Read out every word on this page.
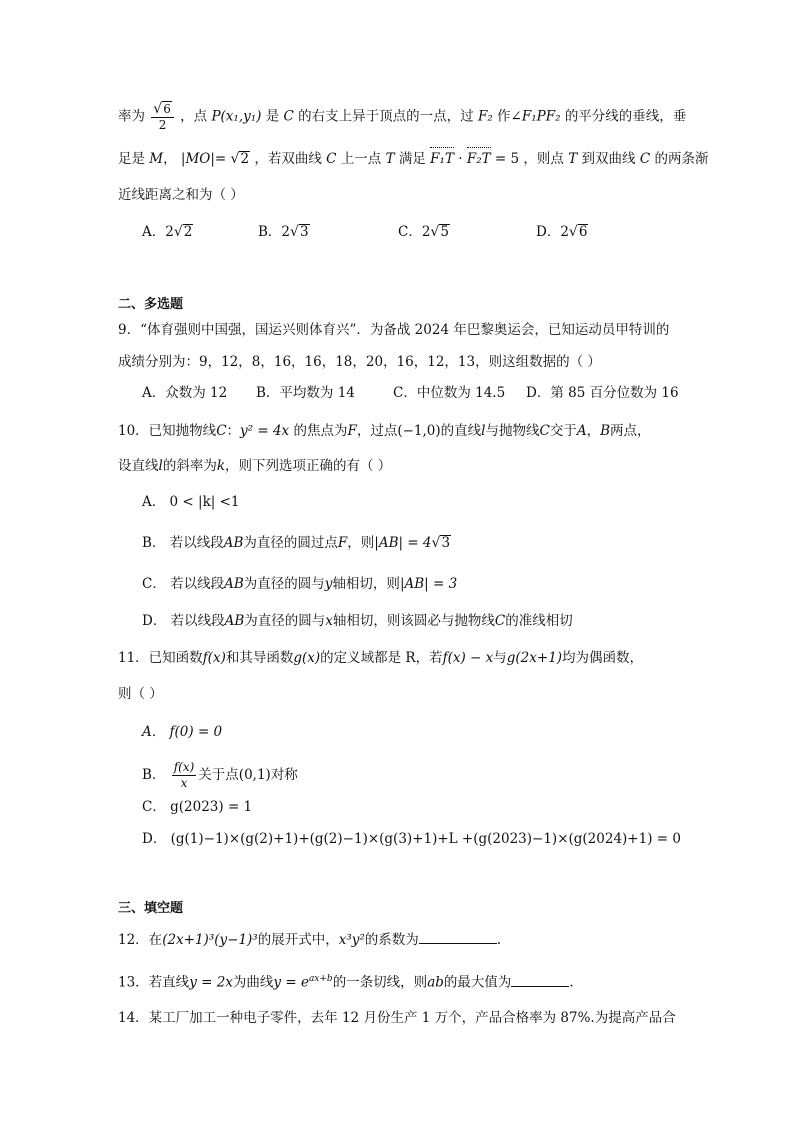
率为 $\frac{√6}{2}$ ，点 P(x₁,y₁) 是 C 的右支上异于顶点的一点，过 F₂ 作∠F₁PF₂ 的平分线的垂线，垂
足是 M， |MO|= √2 ，若双曲线 C 上一点 T 满足 F₁T · F₂T = 5 ，则点 T 到双曲线 C 的两条渐
近线距离之和为（ ）
A．2√2	B．2√3	C．2√5	D．2√6
二、多选题
9．“体育强则中国强，国运兴则体育兴”．为备战 2024 年巴黎奥运会，已知运动员甲特训的
成绩分别为：9，12，8，16，16，18，20，16，12，13，则这组数据的（ ）
A．众数为 12 B．平均数为 14	C．中位数为 14.5 D．第 85 百分位数为 16
10．已知抛物线C：y² = 4x 的焦点为F，过点(−1,0)的直线l与抛物线C交于A，B两点，
设直线l的斜率为k，则下列选项正确的有（ ）
A． 0 < |k| <1
B． 若以线段AB为直径的圆过点F，则|AB| = 4√3
C． 若以线段AB为直径的圆与y轴相切，则|AB| = 3
D． 若以线段AB为直径的圆与x轴相切，则该圆必与抛物线C的准线相切
11．已知函数f(x)和其导函数g(x)的定义域都是 R，若f(x) − x与g(2x+1)均为偶函数，
则（ ）
A． f(0) = 0
B． $\frac{f(x)}{x}$ 关于点(0,1)对称
C． g(2023) = 1
D． (g(1)−1)×(g(2)+1)+(g(2)−1)×(g(3)+1)+L +(g(2023)−1)×(g(2024)+1) = 0
三、填空题
12．在(2x+1)³(y−1)³的展开式中，x³y²的系数为	.
13．若直线y = 2x为曲线$y = e^{ax+b}$的一条切线，则ab的最大值为	.
14．某工厂加工一种电子零件，去年 12 月份生产 1 万个，产品合格率为 87%.为提高产品合
